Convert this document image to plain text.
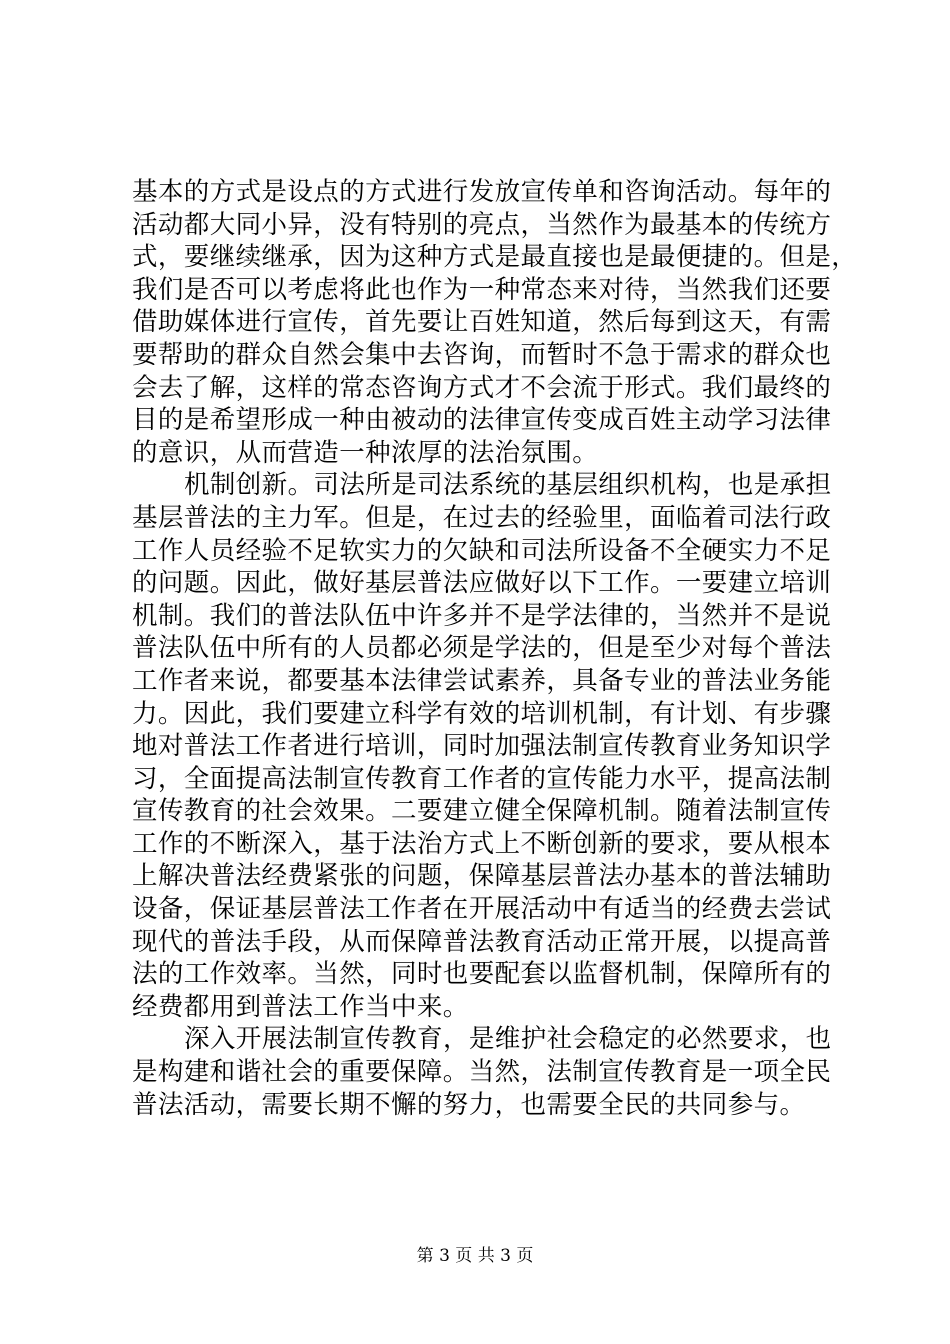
基本的方式是设点的方式进行发放宣传单和咨询活动。每年的
活动都大同小异，没有特别的亮点，当然作为最基本的传统方
式，要继续继承，因为这种方式是最直接也是最便捷的。但是，
我们是否可以考虑将此也作为一种常态来对待，当然我们还要
借助媒体进行宣传，首先要让百姓知道，然后每到这天，有需
要帮助的群众自然会集中去咨询，而暂时不急于需求的群众也
会去了解，这样的常态咨询方式才不会流于形式。我们最终的
目的是希望形成一种由被动的法律宣传变成百姓主动学习法律
的意识，从而营造一种浓厚的法治氛围。
机制创新。司法所是司法系统的基层组织机构，也是承担
基层普法的主力军。但是，在过去的经验里，面临着司法行政
工作人员经验不足软实力的欠缺和司法所设备不全硬实力不足
的问题。因此，做好基层普法应做好以下工作。一要建立培训
机制。我们的普法队伍中许多并不是学法律的，当然并不是说
普法队伍中所有的人员都必须是学法的，但是至少对每个普法
工作者来说，都要基本法律尝试素养，具备专业的普法业务能
力。因此，我们要建立科学有效的培训机制，有计划、有步骤
地对普法工作者进行培训，同时加强法制宣传教育业务知识学
习，全面提高法制宣传教育工作者的宣传能力水平，提高法制
宣传教育的社会效果。二要建立健全保障机制。随着法制宣传
工作的不断深入，基于法治方式上不断创新的要求，要从根本
上解决普法经费紧张的问题，保障基层普法办基本的普法辅助
设备，保证基层普法工作者在开展活动中有适当的经费去尝试
现代的普法手段，从而保障普法教育活动正常开展，以提高普
法的工作效率。当然，同时也要配套以监督机制，保障所有的
经费都用到普法工作当中来。
深入开展法制宣传教育，是维护社会稳定的必然要求，也
是构建和谐社会的重要保障。当然，法制宣传教育是一项全民
普法活动，需要长期不懈的努力，也需要全民的共同参与。
第 3 页 共 3 页
